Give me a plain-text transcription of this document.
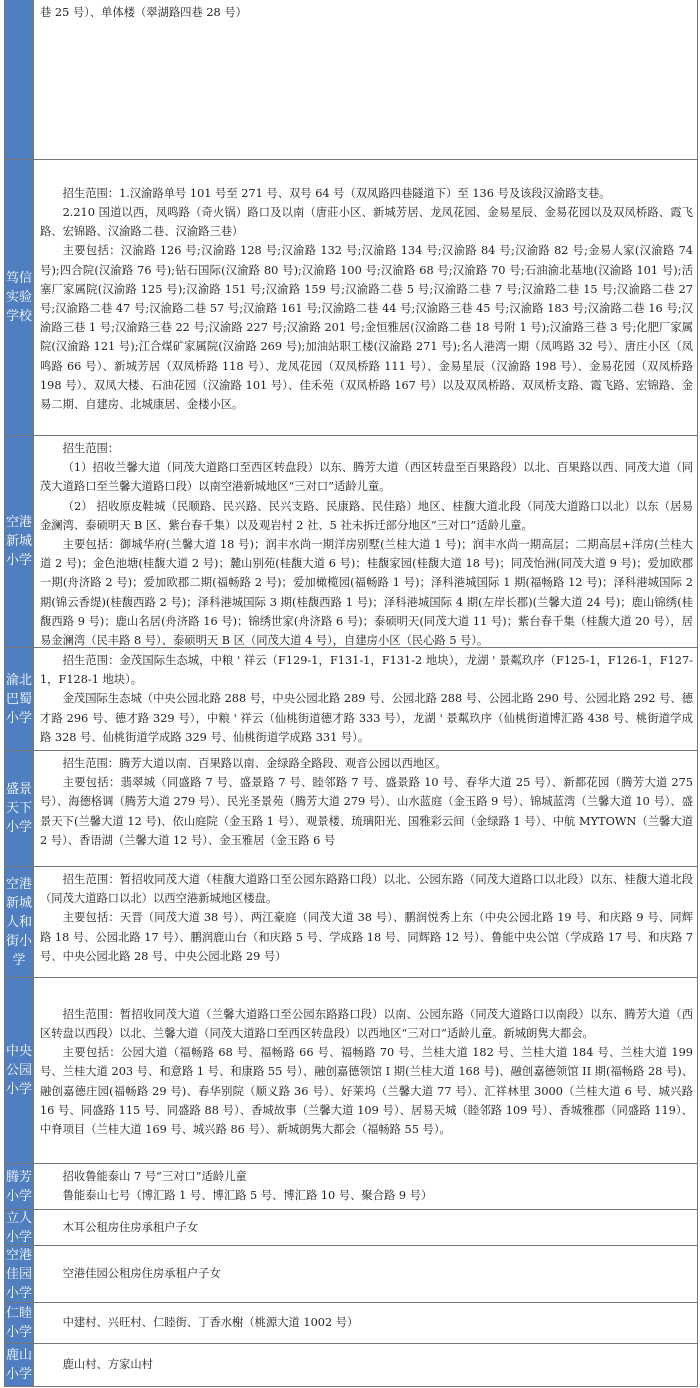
巷 25 号）、单体楼（翠湖路四巷 28 号）

笃信实验学校

招生范围：1.汉渝路单号 101 号至 271 号、双号 64 号（双凤路四巷隧道下）至 136 号及该段汉渝路支巷。

2.210 国道以西，凤鸣路（奇火锅）路口及以南（唐莊小区、新城芳居、龙凤花园、金易星辰、金易花园以及双凤桥路、霞飞路、宏锦路、汉渝路二巷、汉渝路三巷）

主要包括：汉渝路 126 号;汉渝路 128 号;汉渝路 132 号;汉渝路 134 号;汉渝路 84 号;汉渝路 82 号;金易人家(汉渝路 74 号);四合院(汉渝路 76 号);钻石国际(汉渝路 80 号);汉渝路 100 号;汉渝路 68 号;汉渝路 70 号;石油渝北基地(汉渝路 101 号);活塞厂家属院(汉渝路 125 号);汉渝路 151 号;汉渝路 159 号;汉渝路二巷 5 号;汉渝路二巷 7 号;汉渝路二巷 15 号;汉渝路二巷 27 号;汉渝路二巷 47 号;汉渝路二巷 57 号;汉渝路 161 号;汉渝路二巷 44 号;汉渝路三巷 45 号;汉渝路 183 号;汉渝路二巷 16 号;汉渝路三巷 1 号;汉渝路三巷 22 号;汉渝路 227 号;汉渝路 201 号;金恒雅居(汉渝路二巷 18 号附 1 号);汉渝路三巷 3 号;化肥厂家属院(汉渝路 121 号);江合煤矿家属院(汉渝路 269 号);加油站职工楼(汉渝路 271 号);名人港湾一期（凤鸣路 32 号）、唐庄小区（凤鸣路 66 号）、新城芳居（双凤桥路 118 号）、龙凤花园（双凤桥路 111 号）、金易星辰（汉渝路 198 号）、金易花园（双凤桥路 198 号）、双凤大楼、石油花园（汉渝路 101 号）、佳禾苑（双凤桥路 167 号）以及双凤桥路、双凤桥支路、霞飞路、宏锦路、金易二期、自建房、北城康居、金楼小区。

空港新城小学

招生范围：

（1）招收兰馨大道（同茂大道路口至西区转盘段）以东、腾芳大道（西区转盘至百果路段）以北、百果路以西、同茂大道（同茂大道路口至兰馨大道路口段）以南空港新城地区“三对口”适龄儿童。

（2） 招收原皮鞋城（民顺路、民兴路、民兴支路、民康路、民佳路）地区、桂馥大道北段（同茂大道路口以北）以东（居易金澜湾、泰硕明天 B 区、紫台春千集）以及观岩村 2 社、5 社未拆迁部分地区“三对口”适龄儿童。

主要包括：御城华府(兰馨大道 18 号)；润丰水尚一期洋房别墅(兰桂大道 1 号)；润丰水尚一期高层；二期高层+洋房(兰桂大道 2 号)；金色池塘(桂馥大道 2 号)；麓山别苑(桂馥大道 6 号)；桂馥家园(桂馥大道 18 号)；同茂怡洲(同茂大道 9 号)；爱加欧郡一期(舟济路 2 号)；爱加欧郡二期(福畅路 2 号)；爱加橄榄园(福畅路 1 号)；泽科港城国际 1 期(福畅路 12 号)；泽科港城国际 2 期(锦云香缇)(桂馥西路 2 号)；泽科港城国际 3 期(桂馥西路 1 号)；泽科港城国际 4 期(左岸长郡)(兰馨大道 24 号)；鹿山锦绣(桂馥西路 9 号)；鹿山名居(舟济路 16 号)；锦绣世家(舟济路 6 号)；泰硕明天(同茂大道 11 号)；紫台春千集（桂馥大道 20 号），居易金澜湾（民丰路 8 号）、泰硕明天 B 区（同茂大道 4 号），自建房小区（民心路 5 号）。

渝北巴蜀小学

招生范围：金茂国际生态城，中粮 ' 祥云（F129-1，F131-1，F131-2 地块），龙湖 ' 景粼玖序（F125-1，F126-1，F127-1，F128-1 地块）。

金茂国际生态城（中央公园北路 288 号，中央公园北路 289 号、公园北路 288 号、公园北路 290 号、公园北路 292 号、德才路 296 号、德才路 329 号），中粮 ' 祥云（仙桃街道德才路 333 号），龙湖 ' 景粼玖序（仙桃街道博汇路 438 号、桃街道学成路 328 号、仙桃街道学成路 329 号、仙桃街道学成路 331 号）。

盛景天下小学

招生范围：腾芳大道以南、百果路以南、金绿路全路段、观音公园以西地区。

主要包括：翡翠城（同盛路 7 号、盛景路 7 号、睦邻路 7 号、盛景路 10 号、春华大道 25 号）、新都花园（腾芳大道 275 号）、海德格调（腾芳大道 279 号）、民光圣景苑（腾芳大道 279 号）、山水蓝庭（金玉路 9 号）、锦城蓝湾（兰馨大道 10 号）、盛景天下(兰馨大道 12 号)、依山庭院（金玉路 1 号）、观景楼、琉璃阳光、国雅彩云间（金绿路 1 号）、中航 MYTOWN（兰馨大道 2 号）、香语湖（兰馨大道 12 号）、金玉雅居（金玉路 6 号

空港新城人和街小学

招生范围：暂招收同茂大道（桂馥大道路口至公园东路路口段）以北、公园东路（同茂大道路口以北段）以东、桂馥大道北段（同茂大道路口以北）以西空港新城地区楼盘。

主要包括：天晋（同茂大道 38 号）、两江豪庭（同茂大道 38 号）、鹏润悦秀上东（中央公园北路 19 号、和庆路 9 号、同辉路 18 号、公园北路 17 号）、鹏润鹿山台（和庆路 5 号、学成路 18 号、同辉路 12 号）、鲁能中央公馆（学成路 17 号、和庆路 7 号、中央公园北路 28 号、中央公园北路 29 号）

中央公园小学

招生范围：暂招收同茂大道（兰馨大道路口至公园东路路口段）以南、公园东路（同茂大道路口以南段）以东、腾芳大道（西区转盘以西段）以北、兰馨大道（同茂大道路口至西区转盘段）以西地区“三对口”适龄儿童。新城朗隽大都会。

主要包括：公园大道（福畅路 68 号、福畅路 66 号、福畅路 70 号、兰桂大道 182 号、兰桂大道 184 号、兰桂大道 199 号、兰桂大道 203 号、和意路 1 号、和康路 55 号）、融创嘉德领馆 I 期(兰桂大道 168 号)、融创嘉德领馆 II 期(福畅路 28 号)、融创嘉德庄园(福畅路 29 号)、春华别院（顺义路 36 号）、好莱坞（兰馨大道 77 号）、汇祥林里 3000（兰桂大道 6 号、城兴路 16 号、同盛路 115 号、同盛路 88 号）、香城故事（兰馨大道 109 号）、居易天城（睦邻路 109 号）、香城雅郡（同盛路 119）、中脊项目（兰桂大道 169 号、城兴路 86 号）、新城朗隽大都会（福畅路 55 号）。

腾芳小学

招收鲁能泰山 7 号“三对口”适龄儿童

鲁能泰山七号（博汇路 1 号、博汇路 5 号、博汇路 10 号、聚合路 9 号）

立人小学

木耳公租房住房承租户子女

空港佳园小学

空港佳园公租房住房承租户子女

仁睦小学

中建村、兴旺村、仁睦街、丁香水榭（桃源大道 1002 号）

鹿山小学

鹿山村、方家山村
